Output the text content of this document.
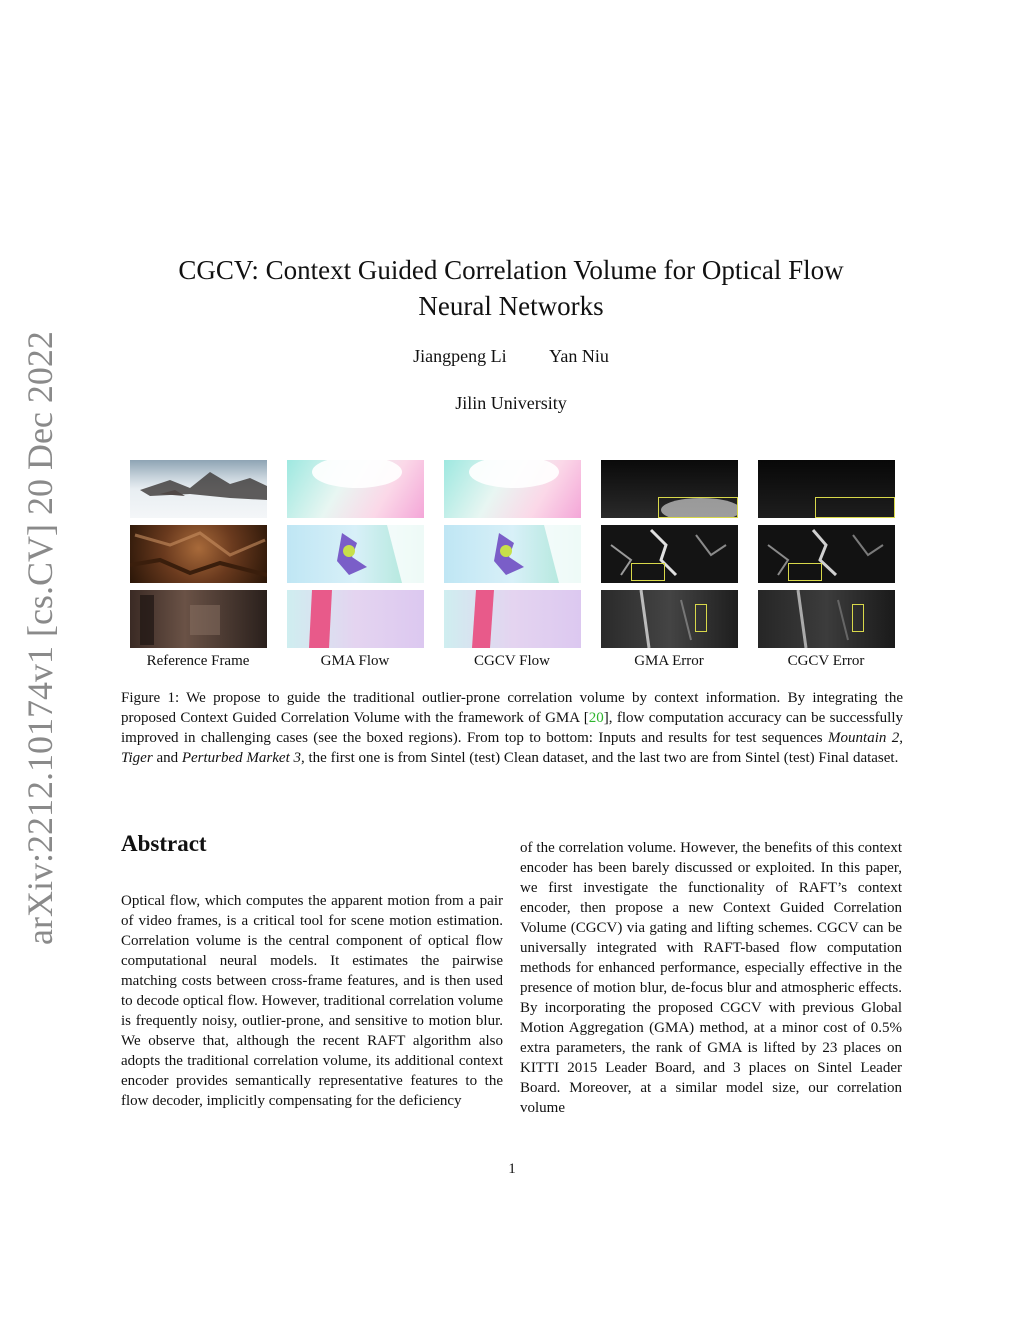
arXiv:2212.10174v1 [cs.CV] 20 Dec 2022
CGCV: Context Guided Correlation Volume for Optical Flow
Neural Networks
Jiangpeng Li Yan Niu
Jilin University
Reference Frame	GMA Flow	CGCV Flow	GMA Error	CGCV Error
Figure 1: We propose to guide the traditional outlier-prone correlation volume by context information. By integrating the proposed Context Guided Correlation Volume with the framework of GMA [20], flow computation accuracy can be successfully improved in challenging cases (see the boxed regions). From top to bottom: Inputs and results for test sequences Mountain 2, Tiger and Perturbed Market 3, the first one is from Sintel (test) Clean dataset, and the last two are from Sintel (test) Final dataset.
Abstract
Optical flow, which computes the apparent motion from a pair of video frames, is a critical tool for scene motion estimation. Correlation volume is the central component of optical flow computational neural models. It estimates the pairwise matching costs between cross-frame features, and is then used to decode optical flow. However, traditional correlation volume is frequently noisy, outlier-prone, and sensitive to motion blur. We observe that, although the recent RAFT algorithm also adopts the traditional correlation volume, its additional context encoder provides semantically representative features to the flow decoder, implicitly compensating for the deficiency
of the correlation volume. However, the benefits of this context encoder has been barely discussed or exploited. In this paper, we first investigate the functionality of RAFT’s context encoder, then propose a new Context Guided Correlation Volume (CGCV) via gating and lifting schemes. CGCV can be universally integrated with RAFT-based flow computation methods for enhanced performance, especially effective in the presence of motion blur, de-focus blur and atmospheric effects. By incorporating the proposed CGCV with previous Global Motion Aggregation (GMA) method, at a minor cost of 0.5% extra parameters, the rank of GMA is lifted by 23 places on KITTI 2015 Leader Board, and 3 places on Sintel Leader Board. Moreover, at a similar model size, our correlation volume
1
